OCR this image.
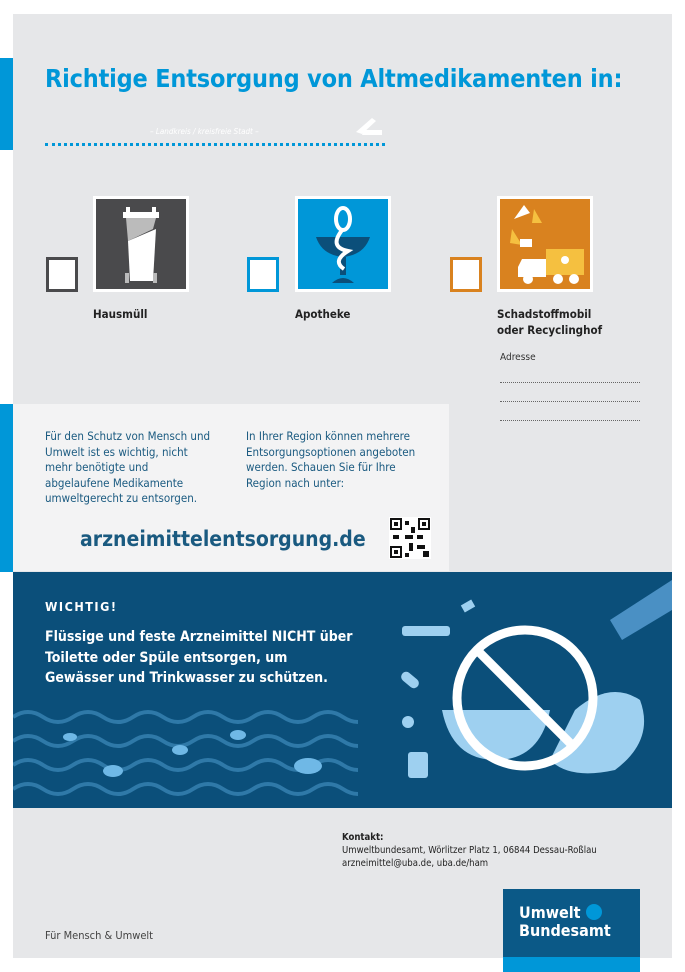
Richtige Entsorgung von Altmedikamenten in:
– Landkreis / kreisfreie Stadt –
Hausmüll	Apotheke	Schadstoffmobil
oder Recyclinghof
Adresse
Für den Schutz von Mensch und Umwelt ist es wichtig, nicht mehr benötigte und abgelaufene Medikamente umweltgerecht zu entsorgen.
In Ihrer Region können mehrere Entsorgungsoptionen angeboten werden. Schauen Sie für Ihre Region nach unter:
arzneimittelentsorgung.de
WICHTIG!
Flüssige und feste Arzneimittel NICHT über Toilette oder Spüle entsorgen, um Gewässer und Trinkwasser zu schützen.
Kontakt:
Umweltbundesamt, Wörlitzer Platz 1, 06844 Dessau-Roßlau
arzneimittel@uba.de, uba.de/ham
Umwelt
Bundesamt
Für Mensch & Umwelt
